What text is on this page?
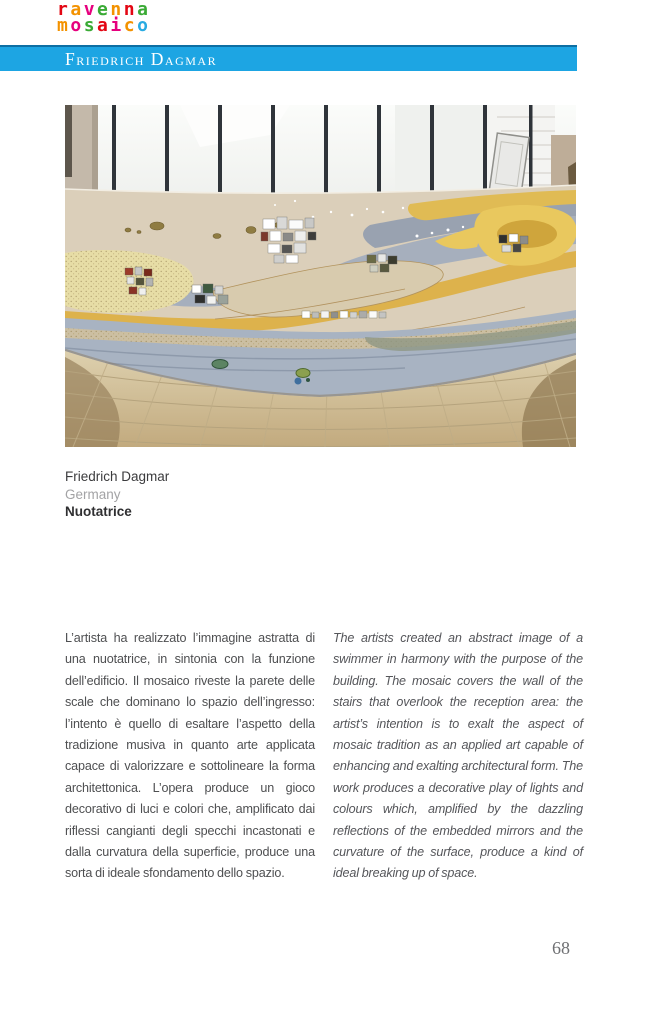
ravenna
mosaico
Friedrich Dagmar
Friedrich Dagmar
Germany
Nuotatrice

L’artista ha realizzato l’immagine astratta di una nuotatrice, in sintonia con la funzione dell’edificio. Il mosaico riveste la parete delle scale che dominano lo spazio dell’ingresso: l’intento è quello di esaltare l’aspetto della tradizione musiva in quanto arte applicata capace di valorizzare e sottolineare la forma architettonica. L’opera produce un gioco decorativo di luci e colori che, amplificato dai riflessi cangianti degli specchi incastonati e dalla curvatura della superficie, produce una sorta di ideale sfondamento dello spazio.

The artists created an abstract image of a swimmer in harmony with the purpose of the building. The mosaic covers the wall of the stairs that overlook the reception area: the artist’s intention is to exalt the aspect of mosaic tradition as an applied art capable of enhancing and exalting architectural form. The work produces a decorative play of lights and colours which, amplified by the dazzling reflections of the embedded mirrors and the curvature of the surface, produce a kind of ideal breaking up of space.

68
